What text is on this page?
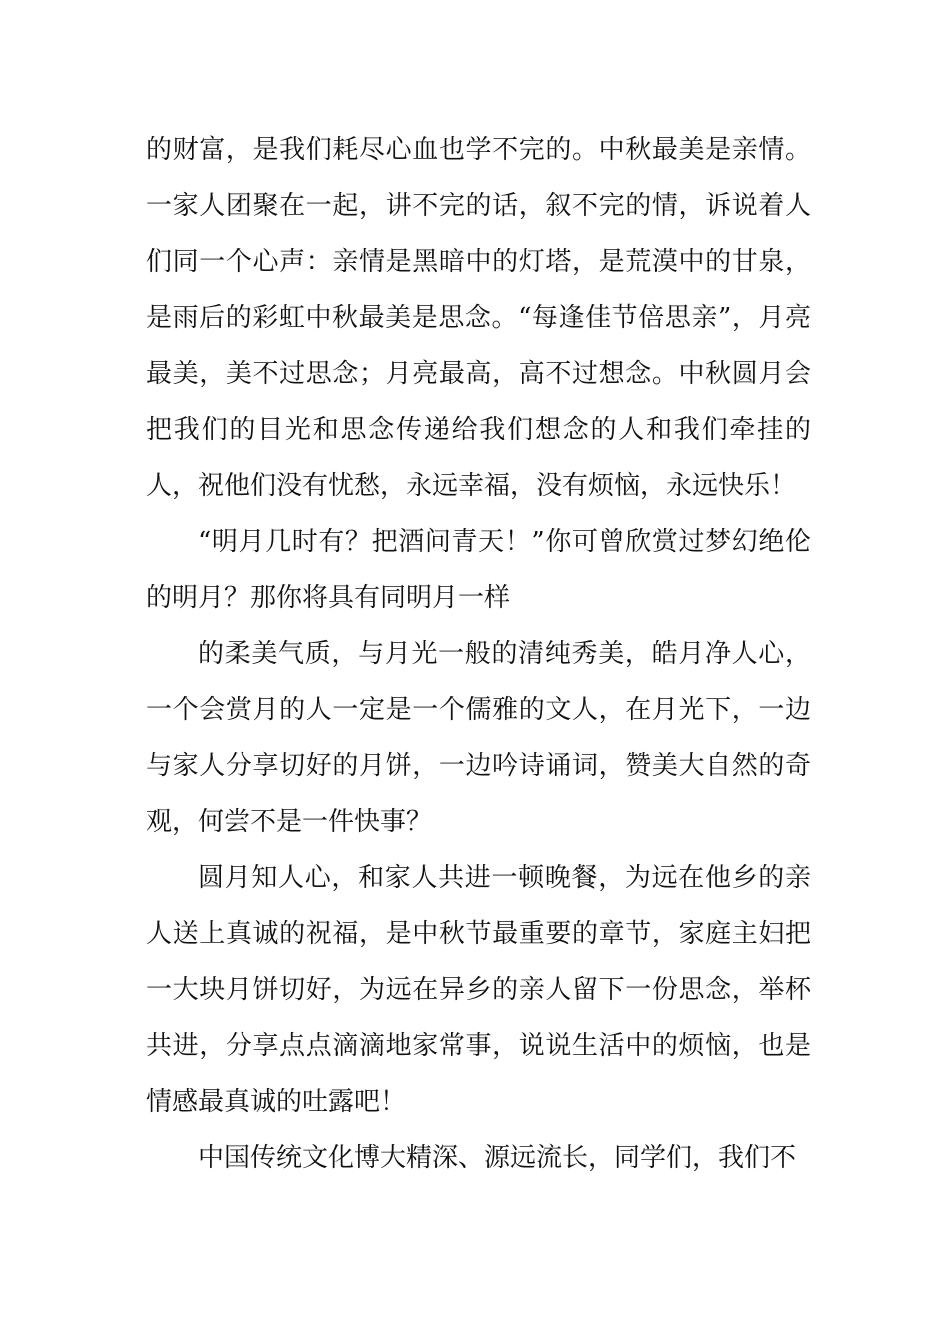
的财富，是我们耗尽心血也学不完的。中秋最美是亲情。一家人团聚在一起，讲不完的话，叙不完的情，诉说着人们同一个心声：亲情是黑暗中的灯塔，是荒漠中的甘泉，是雨后的彩虹中秋最美是思念。“每逢佳节倍思亲”，月亮最美，美不过思念；月亮最高，高不过想念。中秋圆月会把我们的目光和思念传递给我们想念的人和我们牵挂的人，祝他们没有忧愁，永远幸福，没有烦恼，永远快乐！

“明月几时有？把酒问青天！”你可曾欣赏过梦幻绝伦的明月？那你将具有同明月一样

的柔美气质，与月光一般的清纯秀美，皓月净人心，一个会赏月的人一定是一个儒雅的文人，在月光下，一边与家人分享切好的月饼，一边吟诗诵词，赞美大自然的奇观，何尝不是一件快事？

圆月知人心，和家人共进一顿晚餐，为远在他乡的亲人送上真诚的祝福，是中秋节最重要的章节，家庭主妇把一大块月饼切好，为远在异乡的亲人留下一份思念，举杯共进，分享点点滴滴地家常事，说说生活中的烦恼，也是情感最真诚的吐露吧！

中国传统文化博大精深、源远流长，同学们，我们不
